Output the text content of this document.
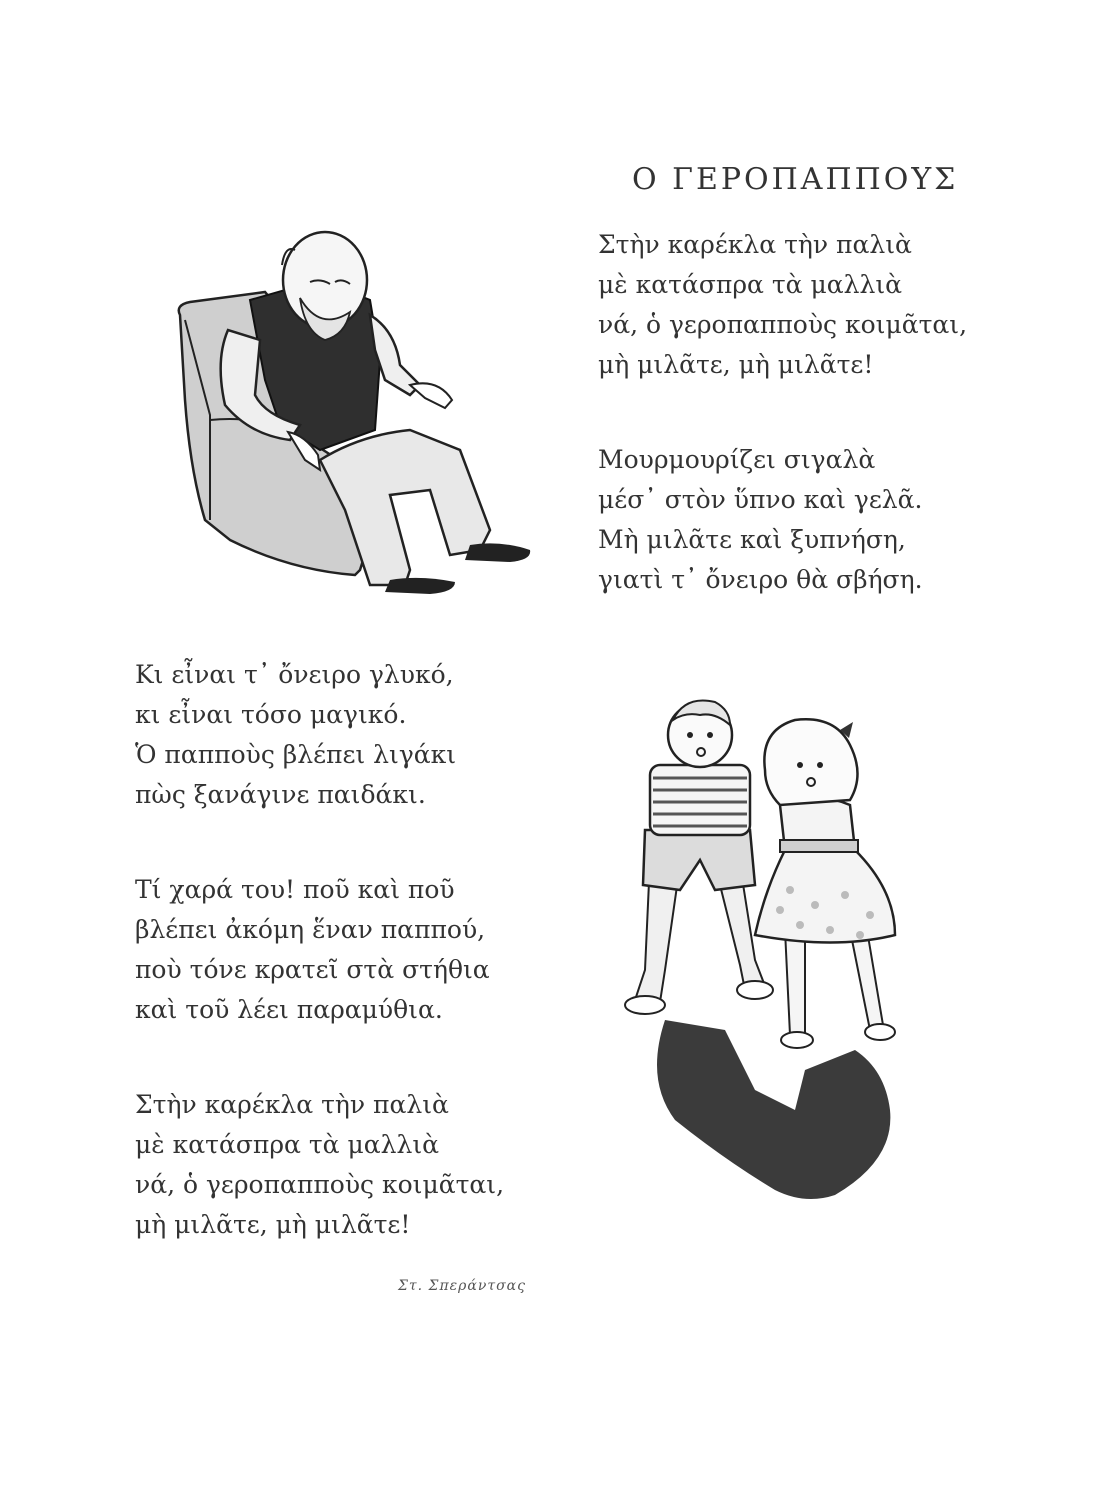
Ο ΓΕΡΟΠΑΠΠΟΥΣ
Στὴν καρέκλα τὴν παλιὰ
μὲ κατάσπρα τὰ μαλλιὰ
νά, ὁ γεροπαπποὺς κοιμᾶται,
μὴ μιλᾶτε, μὴ μιλᾶτε!
Μουρμουρίζει σιγαλὰ
μέσ᾽ στὸν ὕπνο καὶ γελᾶ.
Μὴ μιλᾶτε καὶ ξυπνήση,
γιατὶ τ᾽ ὄνειρο θὰ σβήση.
Κι εἶναι τ᾽ ὄνειρο γλυκό,
κι εἶναι τόσο μαγικό.
Ὁ παπποὺς βλέπει λιγάκι
πὼς ξανάγινε παιδάκι.
Τί χαρά του! ποῦ καὶ ποῦ
βλέπει ἀκόμη ἕναν παππού,
ποὺ τόνε κρατεῖ στὰ στήθια
καὶ τοῦ λέει παραμύθια.
Στὴν καρέκλα τὴν παλιὰ
μὲ κατάσπρα τὰ μαλλιὰ
νά, ὁ γεροπαπποὺς κοιμᾶται,
μὴ μιλᾶτε, μὴ μιλᾶτε!
Στ. Σπεράντσας
